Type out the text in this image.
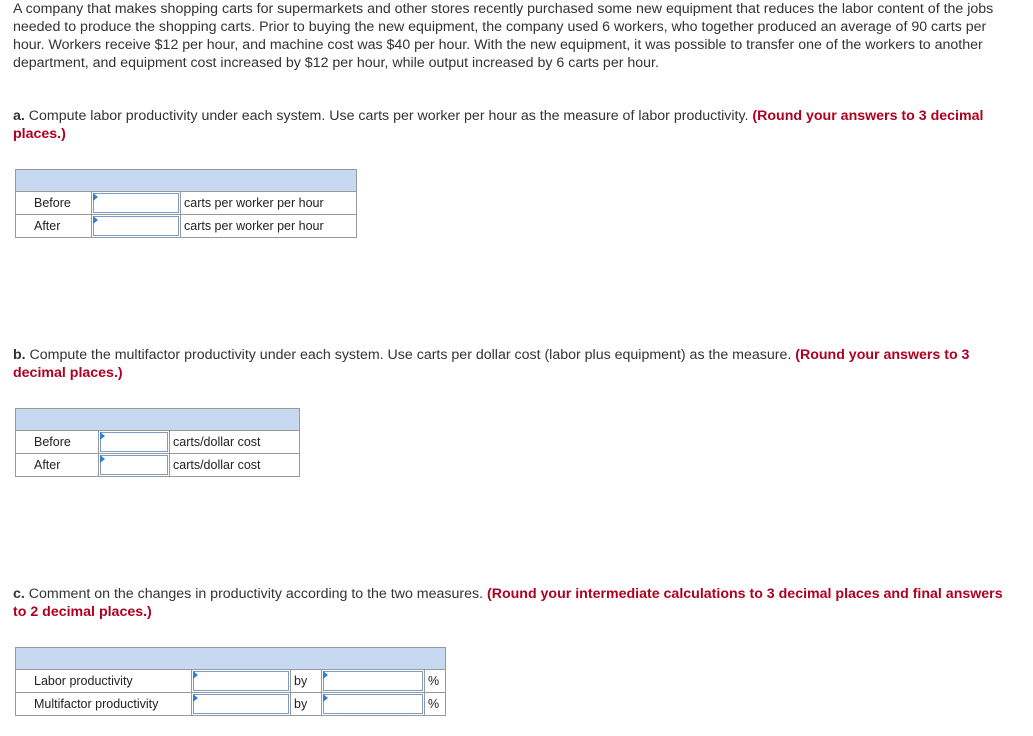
A company that makes shopping carts for supermarkets and other stores recently purchased some new equipment that reduces the labor content of the jobs needed to produce the shopping carts. Prior to buying the new equipment, the company used 6 workers, who together produced an average of 90 carts per hour. Workers receive $12 per hour, and machine cost was $40 per hour. With the new equipment, it was possible to transfer one of the workers to another department, and equipment cost increased by $12 per hour, while output increased by 6 carts per hour.

a. Compute labor productivity under each system. Use carts per worker per hour as the measure of labor productivity. (Round your answers to 3 decimal places.)

Before		carts per worker per hour
After		carts per worker per hour

b. Compute the multifactor productivity under each system. Use carts per dollar cost (labor plus equipment) as the measure. (Round your answers to 3 decimal places.)

Before		carts/dollar cost
After		carts/dollar cost

c. Comment on the changes in productivity according to the two measures. (Round your intermediate calculations to 3 decimal places and final answers to 2 decimal places.)

Labor productivity		by		%
Multifactor productivity		by		%
